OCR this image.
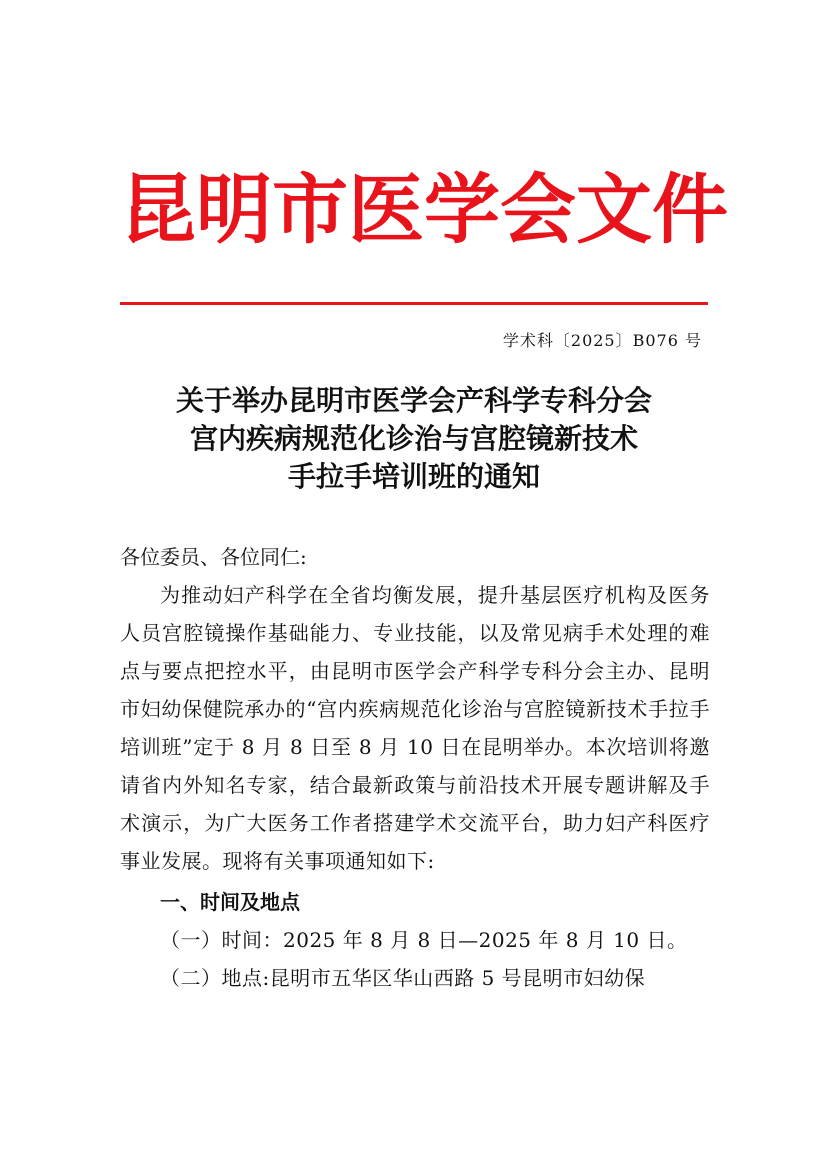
昆 明 市 医 学 会 文 件
学术科〔2025〕B076 号
关于举办昆明市医学会产科学专科分会
宫内疾病规范化诊治与宫腔镜新技术
手拉手培训班的通知

各位委员、各位同仁:

为推动妇产科学在全省均衡发展，提升基层医疗机构及医务人员宫腔镜操作基础能力、专业技能，以及常见病手术处理的难点与要点把控水平，由昆明市医学会产科学专科分会主办、昆明市妇幼保健院承办的“宫内疾病规范化诊治与宫腔镜新技术手拉手培训班”定于 8 月 8 日至 8 月 10 日在昆明举办。本次培训将邀请省内外知名专家，结合最新政策与前沿技术开展专题讲解及手术演示，为广大医务工作者搭建学术交流平台，助力妇产科医疗事业发展。现将有关事项通知如下:

一、时间及地点

（一）时间：2025 年 8 月 8 日—2025 年 8 月 10 日。

（二）地点:昆明市五华区华山西路 5 号昆明市妇幼保
